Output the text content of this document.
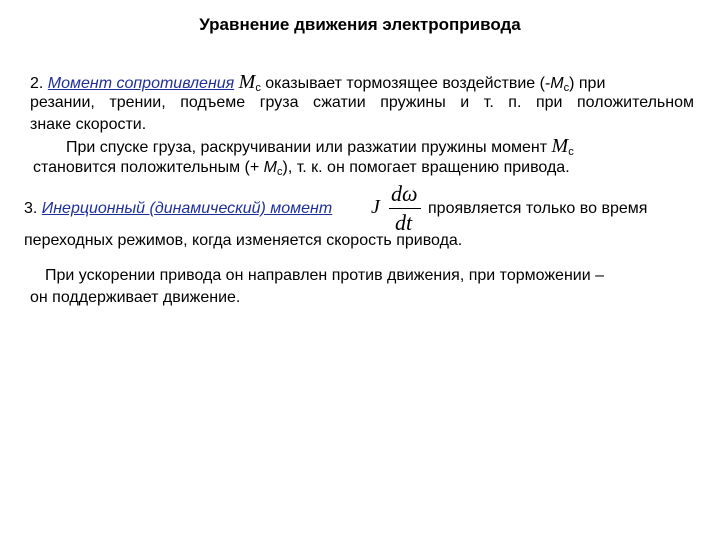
Уравнение движения электропривода
2. Момент сопротивления $M_c$ оказывает тормозящее воздействие $(-M_c)$ при
резании, трении, подъеме груза сжатии пружины и т. п. при положительном
знаке скорости.
При спуске груза, раскручивании или разжатии пружины момент $M_c$
становится положительным (+ $M_c$), т. к. он помогает вращению привода.
3. Инерционный (динамический) момент J
dω
dt
проявляется только во время
переходных режимов, когда изменяется скорость привода.
При ускорении привода он направлен против движения, при торможении –
он поддерживает движение.
